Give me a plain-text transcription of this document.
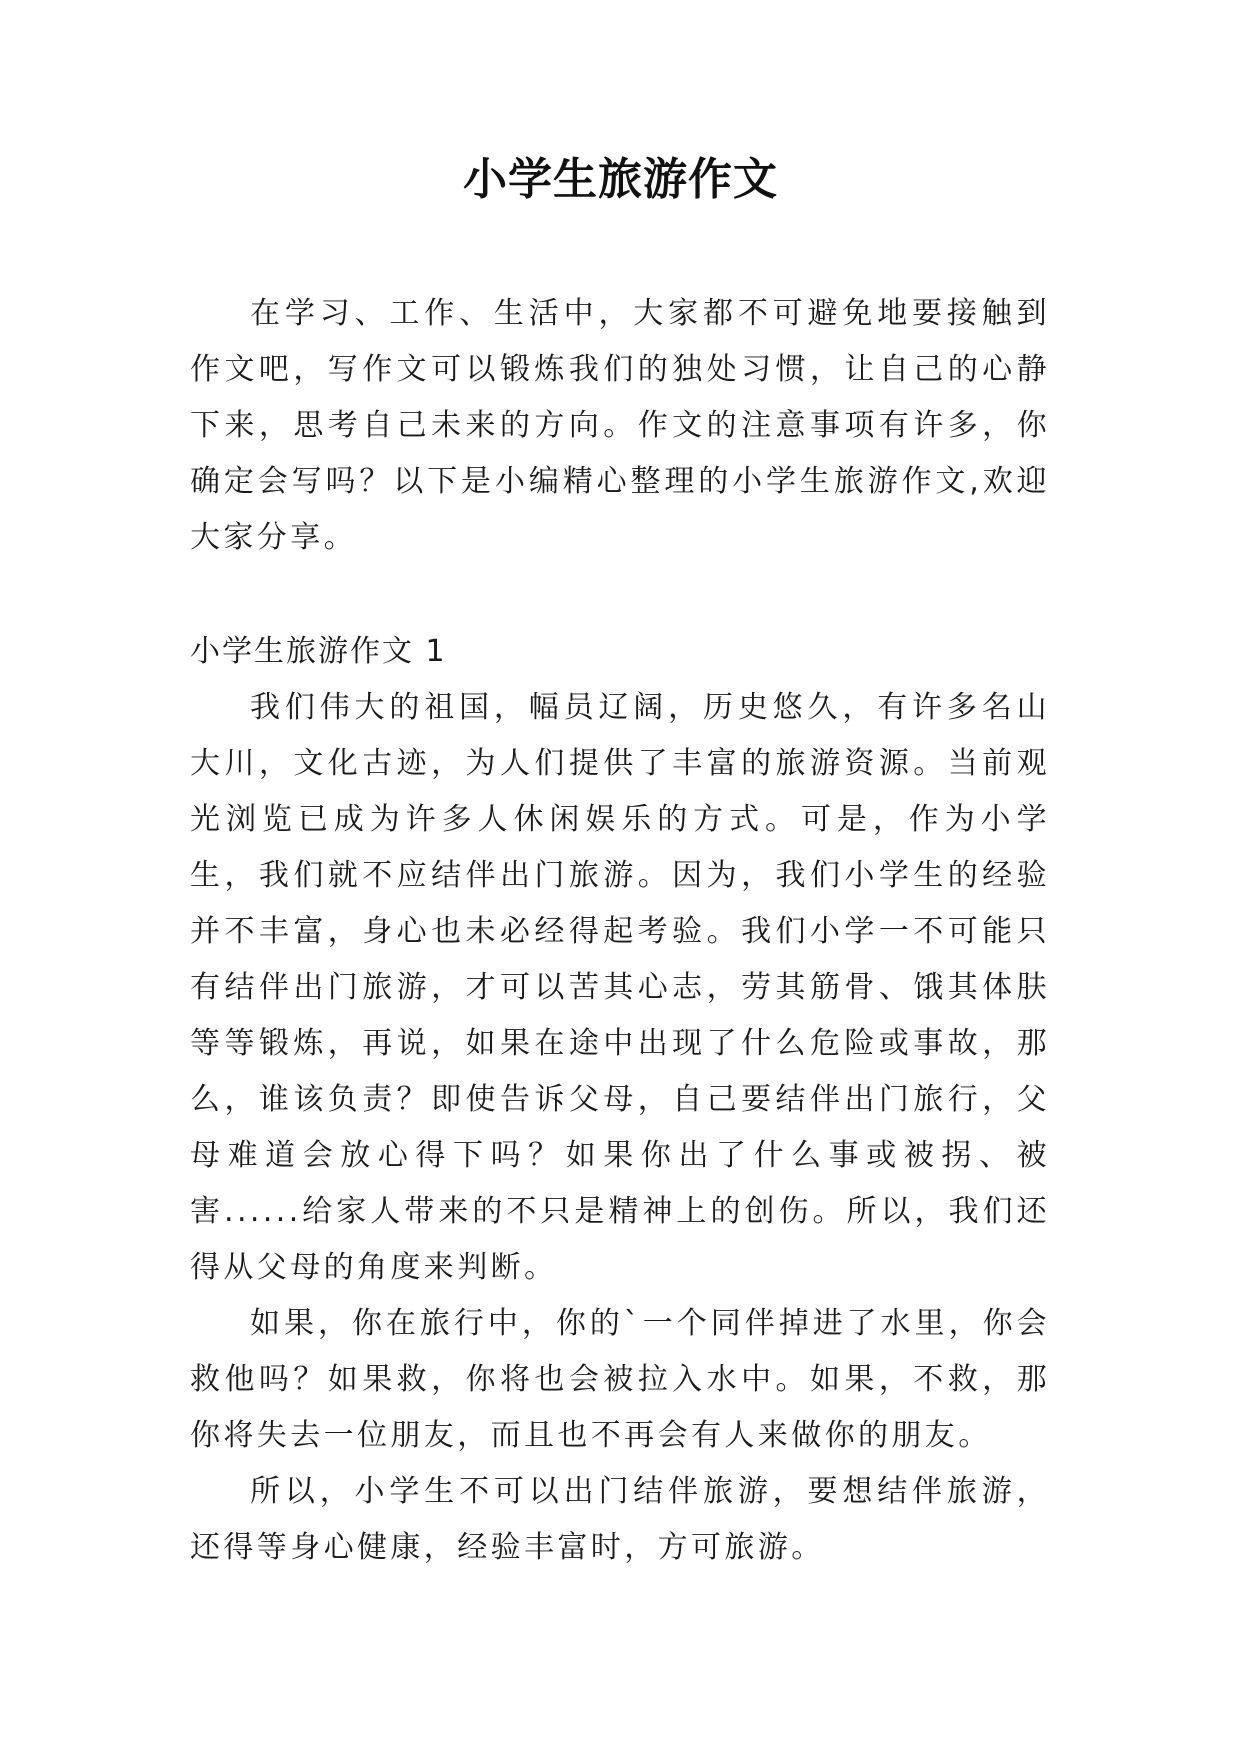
小学生旅游作文

在学习、工作、生活中，大家都不可避免地要接触到作文吧，写作文可以锻炼我们的独处习惯，让自己的心静下来，思考自己未来的方向。作文的注意事项有许多，你确定会写吗？以下是小编精心整理的小学生旅游作文,欢迎大家分享。

小学生旅游作文 1

我们伟大的祖国，幅员辽阔，历史悠久，有许多名山大川，文化古迹，为人们提供了丰富的旅游资源。当前观光浏览已成为许多人休闲娱乐的方式。可是，作为小学生，我们就不应结伴出门旅游。因为，我们小学生的经验并不丰富，身心也未必经得起考验。我们小学一不可能只有结伴出门旅游，才可以苦其心志，劳其筋骨、饿其体肤等等锻炼，再说，如果在途中出现了什么危险或事故，那么，谁该负责？即使告诉父母，自己要结伴出门旅行，父母难道会放心得下吗？如果你出了什么事或被拐、被害......给家人带来的不只是精神上的创伤。所以，我们还得从父母的角度来判断。

如果，你在旅行中，你的`一个同伴掉进了水里，你会救他吗？如果救，你将也会被拉入水中。如果，不救，那你将失去一位朋友，而且也不再会有人来做你的朋友。

所以，小学生不可以出门结伴旅游，要想结伴旅游，还得等身心健康，经验丰富时，方可旅游。
